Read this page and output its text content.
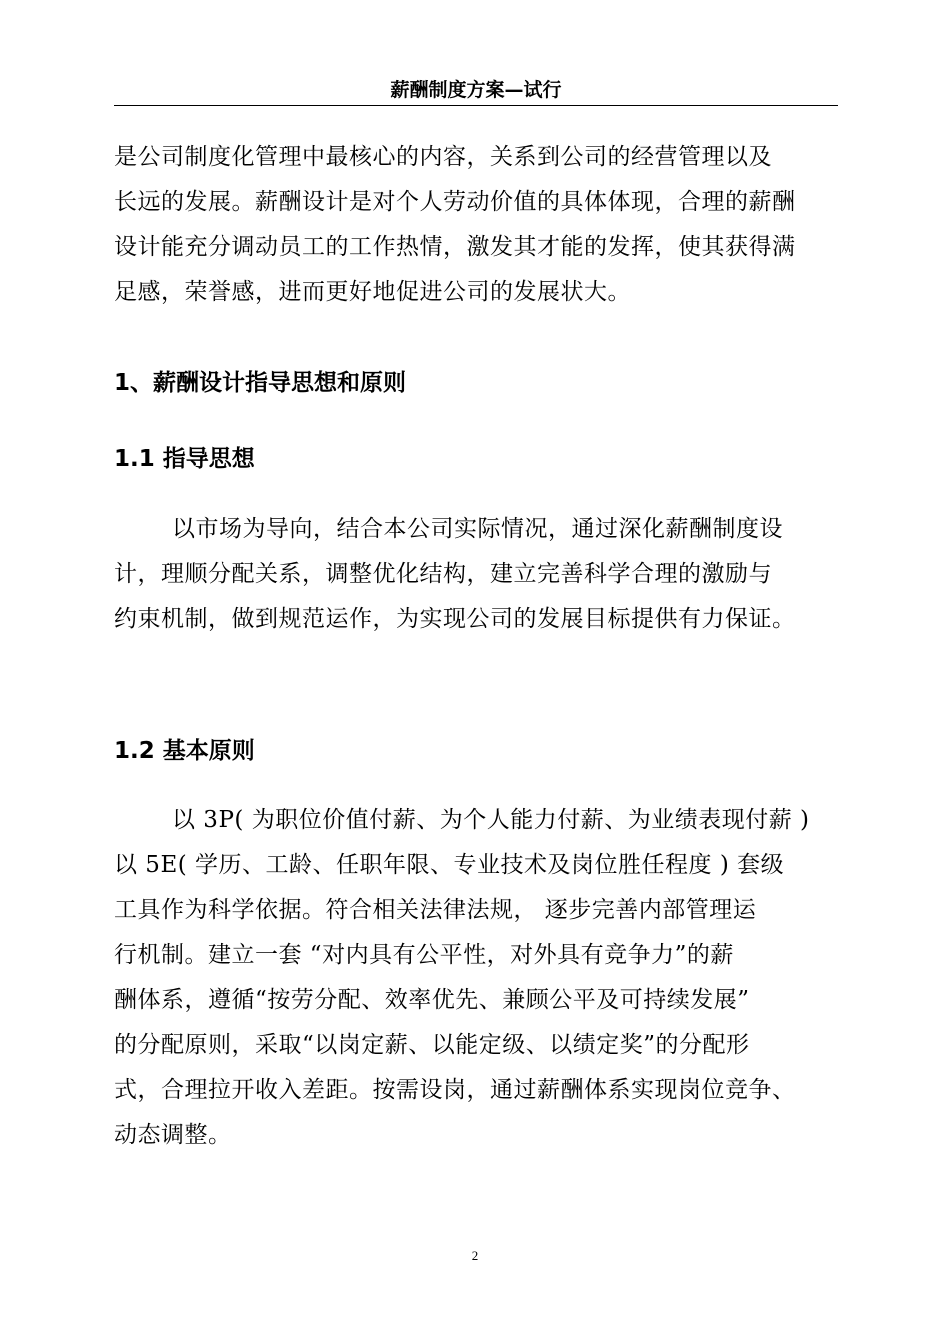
薪酬制度方案—试行
是公司制度化管理中最核心的内容，关系到公司的经营管理以及
长远的发展。薪酬设计是对个人劳动价值的具体体现，合理的薪酬
设计能充分调动员工的工作热情，激发其才能的发挥，使其获得满
足感，荣誉感，进而更好地促进公司的发展状大。
1、薪酬设计指导思想和原则
1.1 指导思想
以市场为导向，结合本公司实际情况，通过深化薪酬制度设
计，理顺分配关系，调整优化结构，建立完善科学合理的激励与
约束机制，做到规范运作，为实现公司的发展目标提供有力保证。
1.2 基本原则
以 3P( 为职位价值付薪、为个人能力付薪、为业绩表现付薪 )
以 5E( 学历、工龄、任职年限、专业技术及岗位胜任程度 ) 套级
工具作为科学依据。符合相关法律法规， 逐步完善内部管理运
行机制。建立一套 “对内具有公平性，对外具有竞争力”的薪
酬体系，遵循“按劳分配、效率优先、兼顾公平及可持续发展”
的分配原则，采取“以岗定薪、以能定级、以绩定奖”的分配形
式，合理拉开收入差距。按需设岗，通过薪酬体系实现岗位竞争、
动态调整。
2
